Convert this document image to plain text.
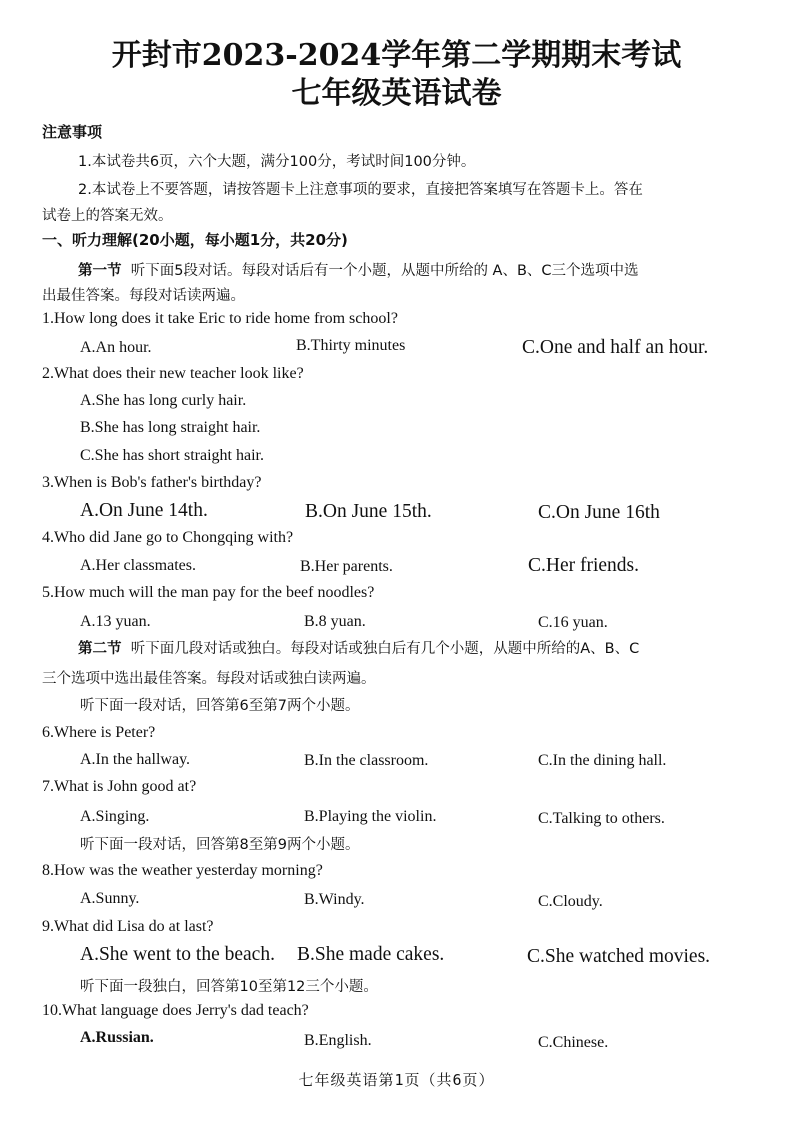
开封市2023-2024学年第二学期期末考试
七年级英语试卷
注意事项
1.本试卷共6页，六个大题，满分100分，考试时间100分钟。
2.本试卷上不要答题，请按答题卡上注意事项的要求，直接把答案填写在答题卡上。答在
试卷上的答案无效。
一、听力理解(20小题，每小题1分，共20分)
第一节 听下面5段对话。每段对话后有一个小题，从题中所给的 A、B、C三个选项中选
出最佳答案。每段对话读两遍。
1.How long does it take Eric to ride home from school?
A.An hour.	B.Thirty minutes	C.One and half an hour.
2.What does their new teacher look like?
A.She has long curly hair.
B.She has long straight hair.
C.She has short straight hair.
3.When is Bob's father's birthday?
A.On June 14th.	B.On June 15th.	C.On June 16th
4.Who did Jane go to Chongqing with?
A.Her classmates.	B.Her parents.	C.Her friends.
5.How much will the man pay for the beef noodles?
A.13 yuan.	B.8 yuan.	C.16 yuan.
第二节 听下面几段对话或独白。每段对话或独白后有几个小题，从题中所给的A、B、C
三个选项中选出最佳答案。每段对话或独白读两遍。
听下面一段对话，回答第6至第7两个小题。
6.Where is Peter?
A.In the hallway.	B.In the classroom.	C.In the dining hall.
7.What is John good at?
A.Singing.	B.Playing the violin.	C.Talking to others.
听下面一段对话，回答第8至第9两个小题。
8.How was the weather yesterday morning?
A.Sunny.	B.Windy.	C.Cloudy.
9.What did Lisa do at last?
A.She went to the beach. B.She made cakes.	C.She watched movies.
听下面一段独白，回答第10至第12三个小题。
10.What language does Jerry's dad teach?
A.Russian.	B.English.	C.Chinese.
七年级英语第1页（共6页）
